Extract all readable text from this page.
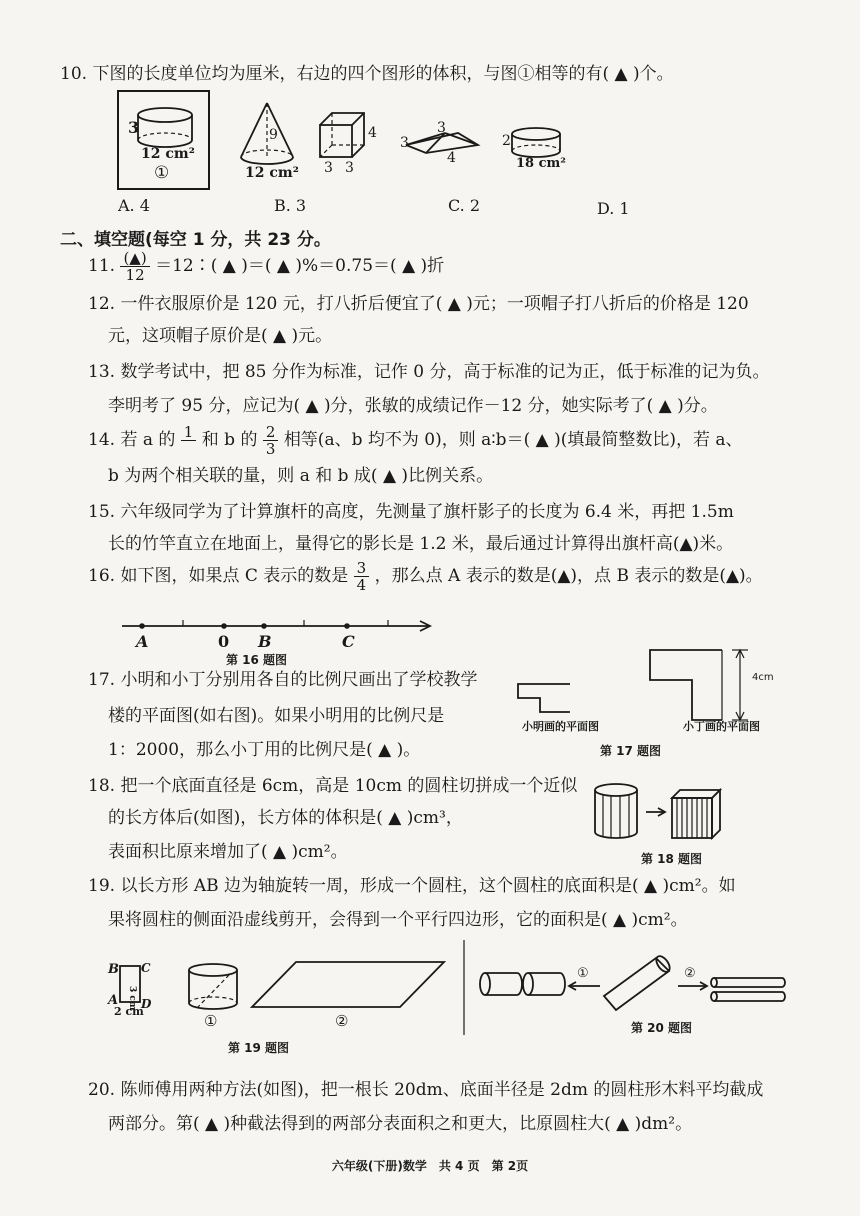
10. 下图的长度单位均为厘米，右边的四个图形的体积，与图①相等的有( ▲ )个。
3
12 cm²
①
9
12 cm²
4
3 3
3
3
4
2
18 cm²
A. 4	B. 3	C. 2	D. 1
二、填空题(每空 1 分，共 23 分。
11. $\frac{(▲)}{12}$ ＝12∶( ▲ )＝( ▲ )%＝0.75＝( ▲ )折
12. 一件衣服原价是 120 元，打八折后便宜了( ▲ )元；一项帽子打八折后的价格是 120
元，这项帽子原价是( ▲ )元。
13. 数学考试中，把 85 分作为标准，记作 0 分，高于标准的记为正，低于标准的记为负。
李明考了 95 分，应记为( ▲ )分，张敏的成绩记作－12 分，她实际考了( ▲ )分。
14. 若 a 的 1
和 b 的 $\frac{2}{3}$ 相等(a、b 均不为 0)，则 a∶b＝( ▲ )(填最简整数比)，若 a、
b 为两个相关联的量，则 a 和 b 成( ▲ )比例关系。
15. 六年级同学为了计算旗杆的高度，先测量了旗杆影子的长度为 6.4 米，再把 1.5m
长的竹竿直立在地面上，量得它的影长是 1.2 米，最后通过计算得出旗杆高(▲)米。
16. 如下图，如果点 C 表示的数是 $\frac{3}{4}$ ，那么点 A 表示的数是(▲)，点 B 表示的数是(▲)。
A	0 B	C
第 16 题图
17. 小明和小丁分别用各自的比例尺画出了学校教学
楼的平面图(如右图)。如果小明用的比例尺是
1：2000，那么小丁用的比例尺是( ▲ )。
4cm
小明画的平面图	小丁画的平面图
第 17 题图
18. 把一个底面直径是 6cm，高是 10cm 的圆柱切拼成一个近似
的长方体后(如图)，长方体的体积是( ▲ )cm³，
表面积比原来增加了( ▲ )cm²。	第 18 题图
19. 以长方形 AB 边为轴旋转一周，形成一个圆柱，这个圆柱的底面积是( ▲ )cm²。如
果将圆柱的侧面沿虚线剪开，会得到一个平行四边形，它的面积是( ▲ )cm²。
B C
A D
3 cm
2 cm
①	②
第 19 题图
①	②
第 20 题图
20. 陈师傅用两种方法(如图)，把一根长 20dm、底面半径是 2dm 的圆柱形木料平均截成
两部分。第( ▲ )种截法得到的两部分表面积之和更大，比原圆柱大( ▲ )dm²。
六年级(下册)数学　共 4 页　第 2页
